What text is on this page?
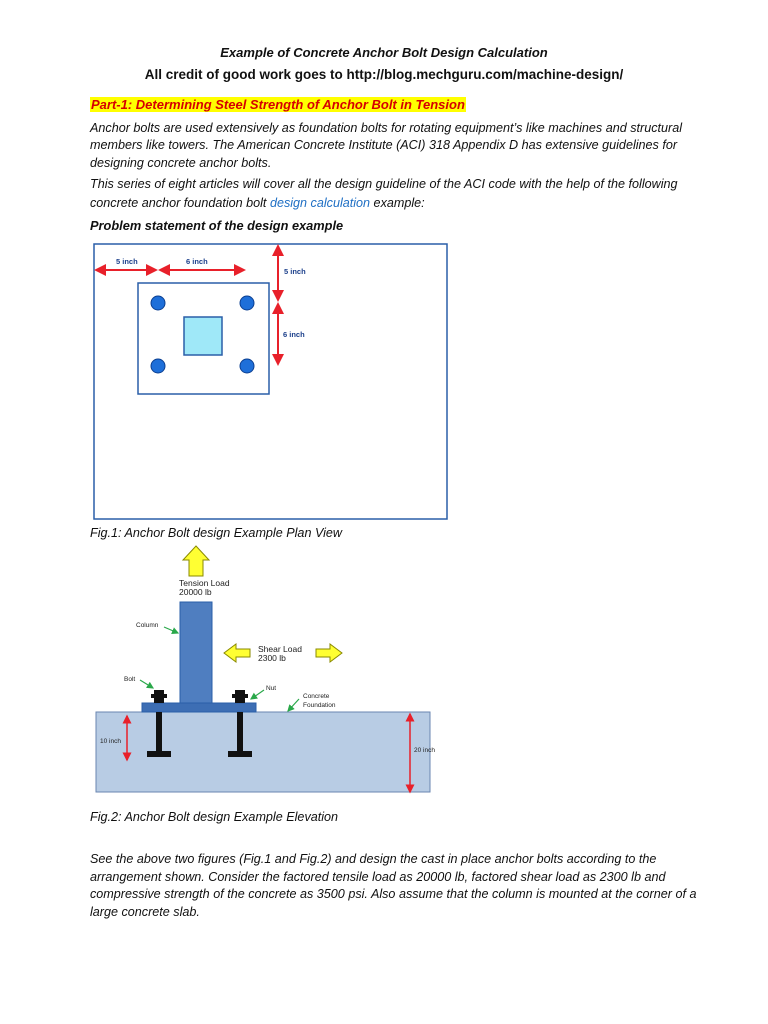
Example of Concrete Anchor Bolt Design Calculation
All credit of good work goes to http://blog.mechguru.com/machine-design/
Part-1: Determining Steel Strength of Anchor Bolt in Tension
Anchor bolts are used extensively as foundation bolts for rotating equipment’s like machines and structural members like towers. The American Concrete Institute (ACI) 318 Appendix D has extensive guidelines for designing concrete anchor bolts.
This series of eight articles will cover all the design guideline of the ACI code with the help of the following concrete anchor foundation bolt design calculation example:
Problem statement of the design example
5 inch	6 inch
5 inch
6 inch
Fig.1: Anchor Bolt design Example Plan View
Tension Load
20000 lb
Shear Load
2300 lb
Column
Bolt
Nut
Concrete
Foundation
10 inch
20 inch
Fig.2: Anchor Bolt design Example Elevation
See the above two figures (Fig.1 and Fig.2) and design the cast in place anchor bolts according to the arrangement shown. Consider the factored tensile load as 20000 lb, factored shear load as 2300 lb and compressive strength of the concrete as 3500 psi. Also assume that the column is mounted at the corner of a large concrete slab.
